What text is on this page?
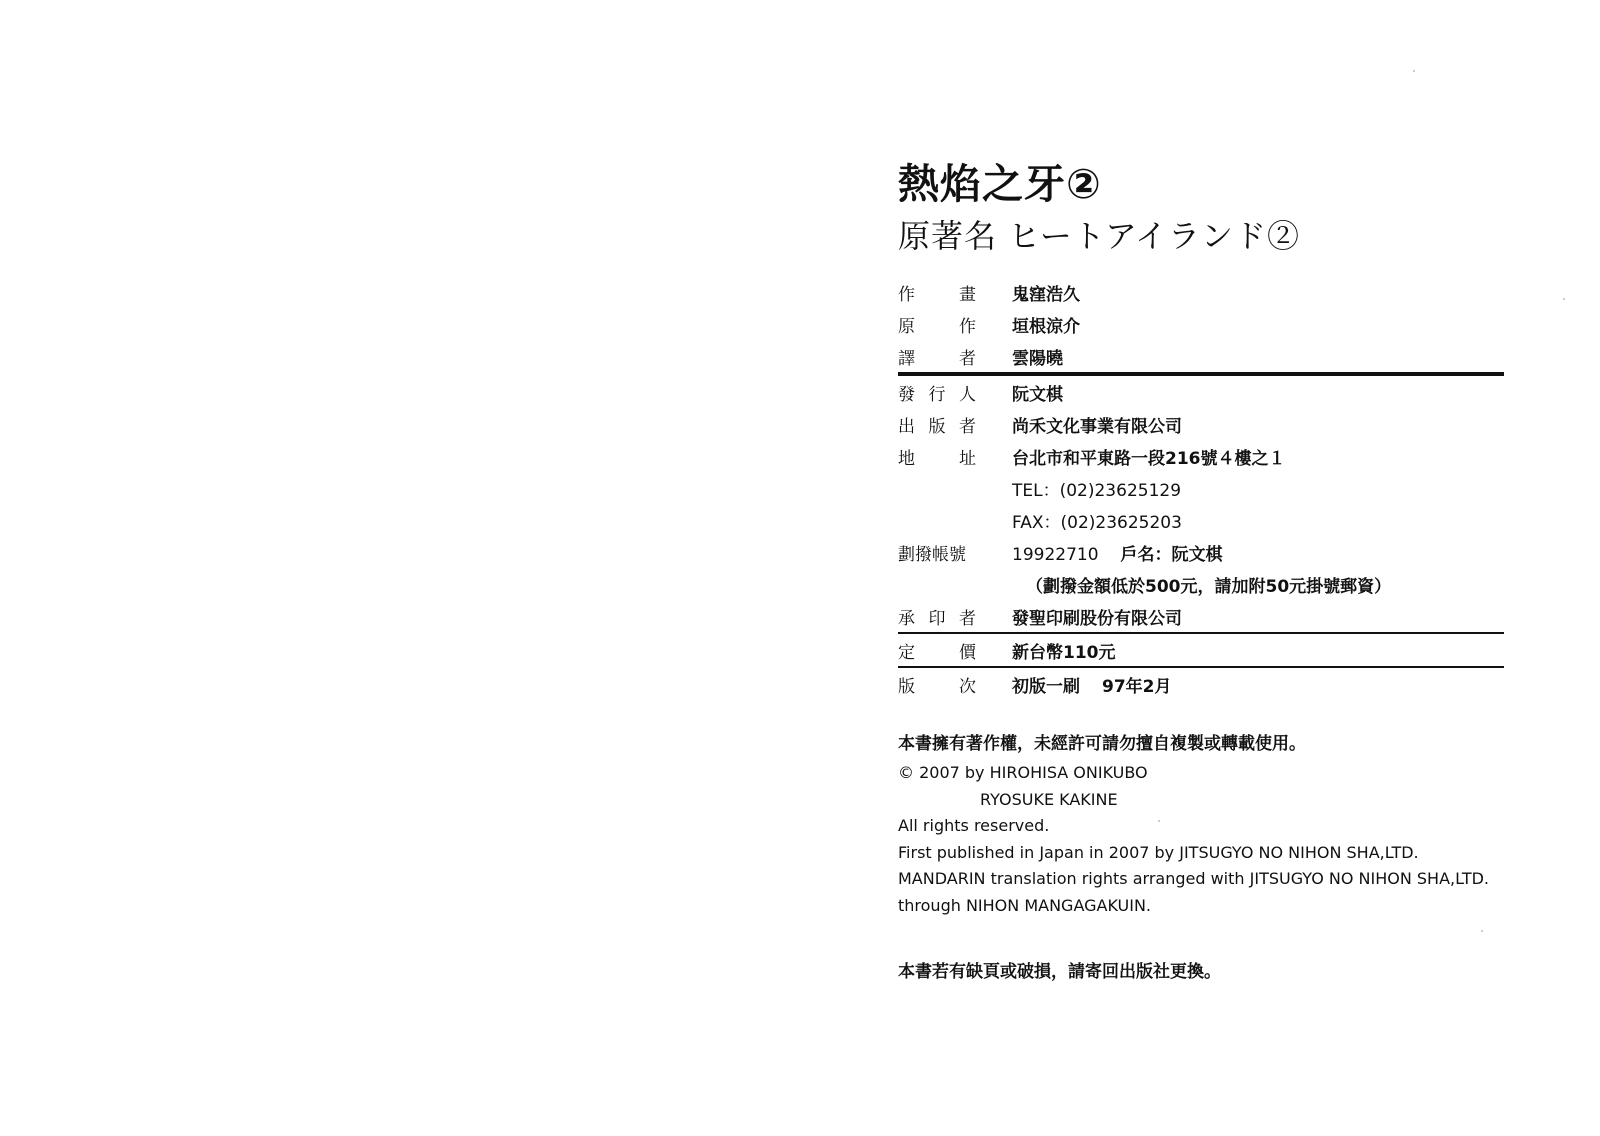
熱焰之牙②
原著名 ヒートアイランド②
作	畫 鬼窪浩久
原	作 垣根涼介
譯	者 雲陽曉
發 行 人 阮文棋
出 版 者 尚禾文化事業有限公司
地	址 台北市和平東路一段216號４樓之１
TEL：(02)23625129
FAX：(02)23625203
劃撥帳號	19922710 戶名：阮文棋
（劃撥金額低於500元，請加附50元掛號郵資）
承 印 者 發聖印刷股份有限公司
定	價 新台幣110元
版	次 初版一刷 97年2月
本書擁有著作權，未經許可請勿擅自複製或轉載使用。
© 2007 by HIROHISA ONIKUBO
RYOSUKE KAKINE
All rights reserved.
First published in Japan in 2007 by JITSUGYO NO NIHON SHA,LTD.
MANDARIN translation rights arranged with JITSUGYO NO NIHON SHA,LTD.
through NIHON MANGAGAKUIN.
本書若有缺頁或破損，請寄回出版社更換。
